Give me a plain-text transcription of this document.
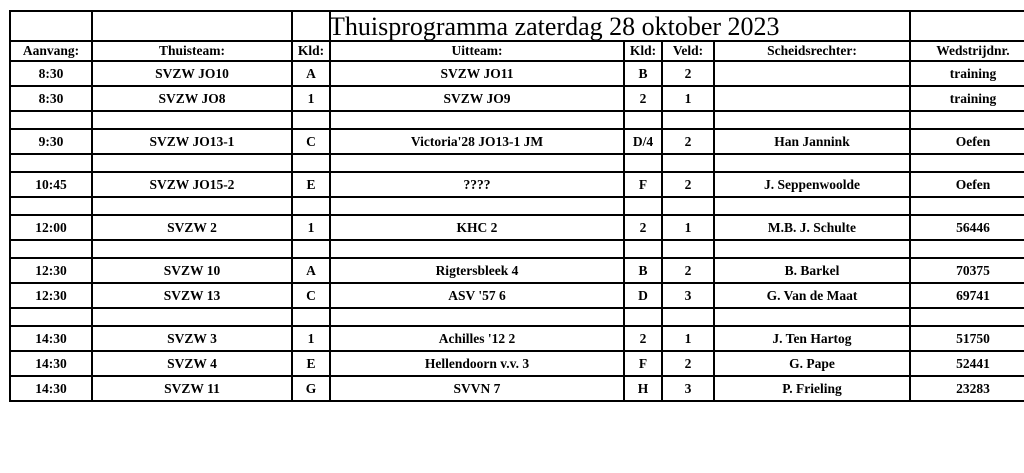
			Thuisprogramma zaterdag 28 oktober 2023				

Aanvang:	Thuisteam:	Kld:	Uitteam:	Kld:	Veld:	Scheidsrechter:	Wedstrijdnr.
8:30	SVZW JO10	A	SVZW JO11	B	2		training
8:30	SVZW JO8	1	SVZW JO9	2	1		training

9:30	SVZW JO13-1	C	Victoria'28 JO13-1 JM	D/4	2	Han Jannink	Oefen

10:45	SVZW JO15-2	E	????	F	2	J. Seppenwoolde	Oefen

12:00	SVZW 2	1	KHC 2	2	1	M.B. J. Schulte	56446

12:30	SVZW 10	A	Rigtersbleek 4	B	2	B. Barkel	70375
12:30	SVZW 13	C	ASV '57 6	D	3	G. Van de Maat	69741

14:30	SVZW 3	1	Achilles '12 2	2	1	J. Ten Hartog	51750
14:30	SVZW 4	E	Hellendoorn v.v. 3	F	2	G. Pape	52441
14:30	SVZW 11	G	SVVN 7	H	3	P. Frieling	23283
